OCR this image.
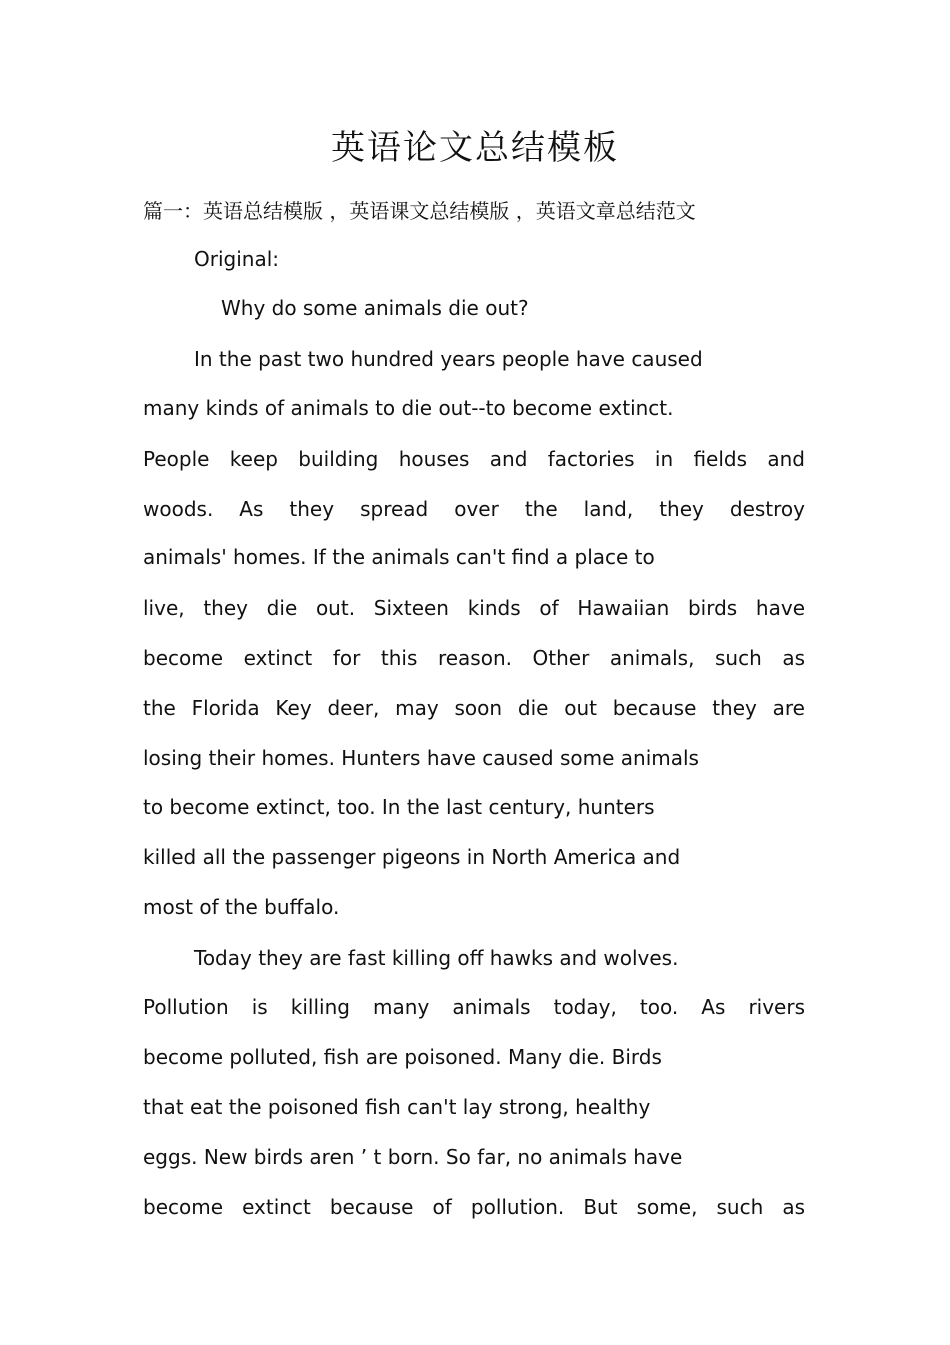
英语论文总结模板
篇一：英语总结模版 ，英语课文总结模版 ，英语文章总结范文
Original:
Why do some animals die out?
In the past two hundred years people have caused
many kinds of animals to die out--to become extinct.
People keep building houses and factories in fields and
woods. As they spread over the land, they destroy
animals' homes. If the animals can't find a place to
live, they die out. Sixteen kinds of Hawaiian birds have
become extinct for this reason. Other animals, such as
the Florida Key deer, may soon die out because they are
losing their homes. Hunters have caused some animals
to become extinct, too. In the last century, hunters
killed all the passenger pigeons in North America and
most of the buffalo.
Today they are fast killing off hawks and wolves.
Pollution is killing many animals today, too. As rivers
become polluted, fish are poisoned. Many die. Birds
that eat the poisoned fish can't lay strong, healthy
eggs. New birds aren ’ t born. So far, no animals have
become extinct because of pollution. But some, such as
